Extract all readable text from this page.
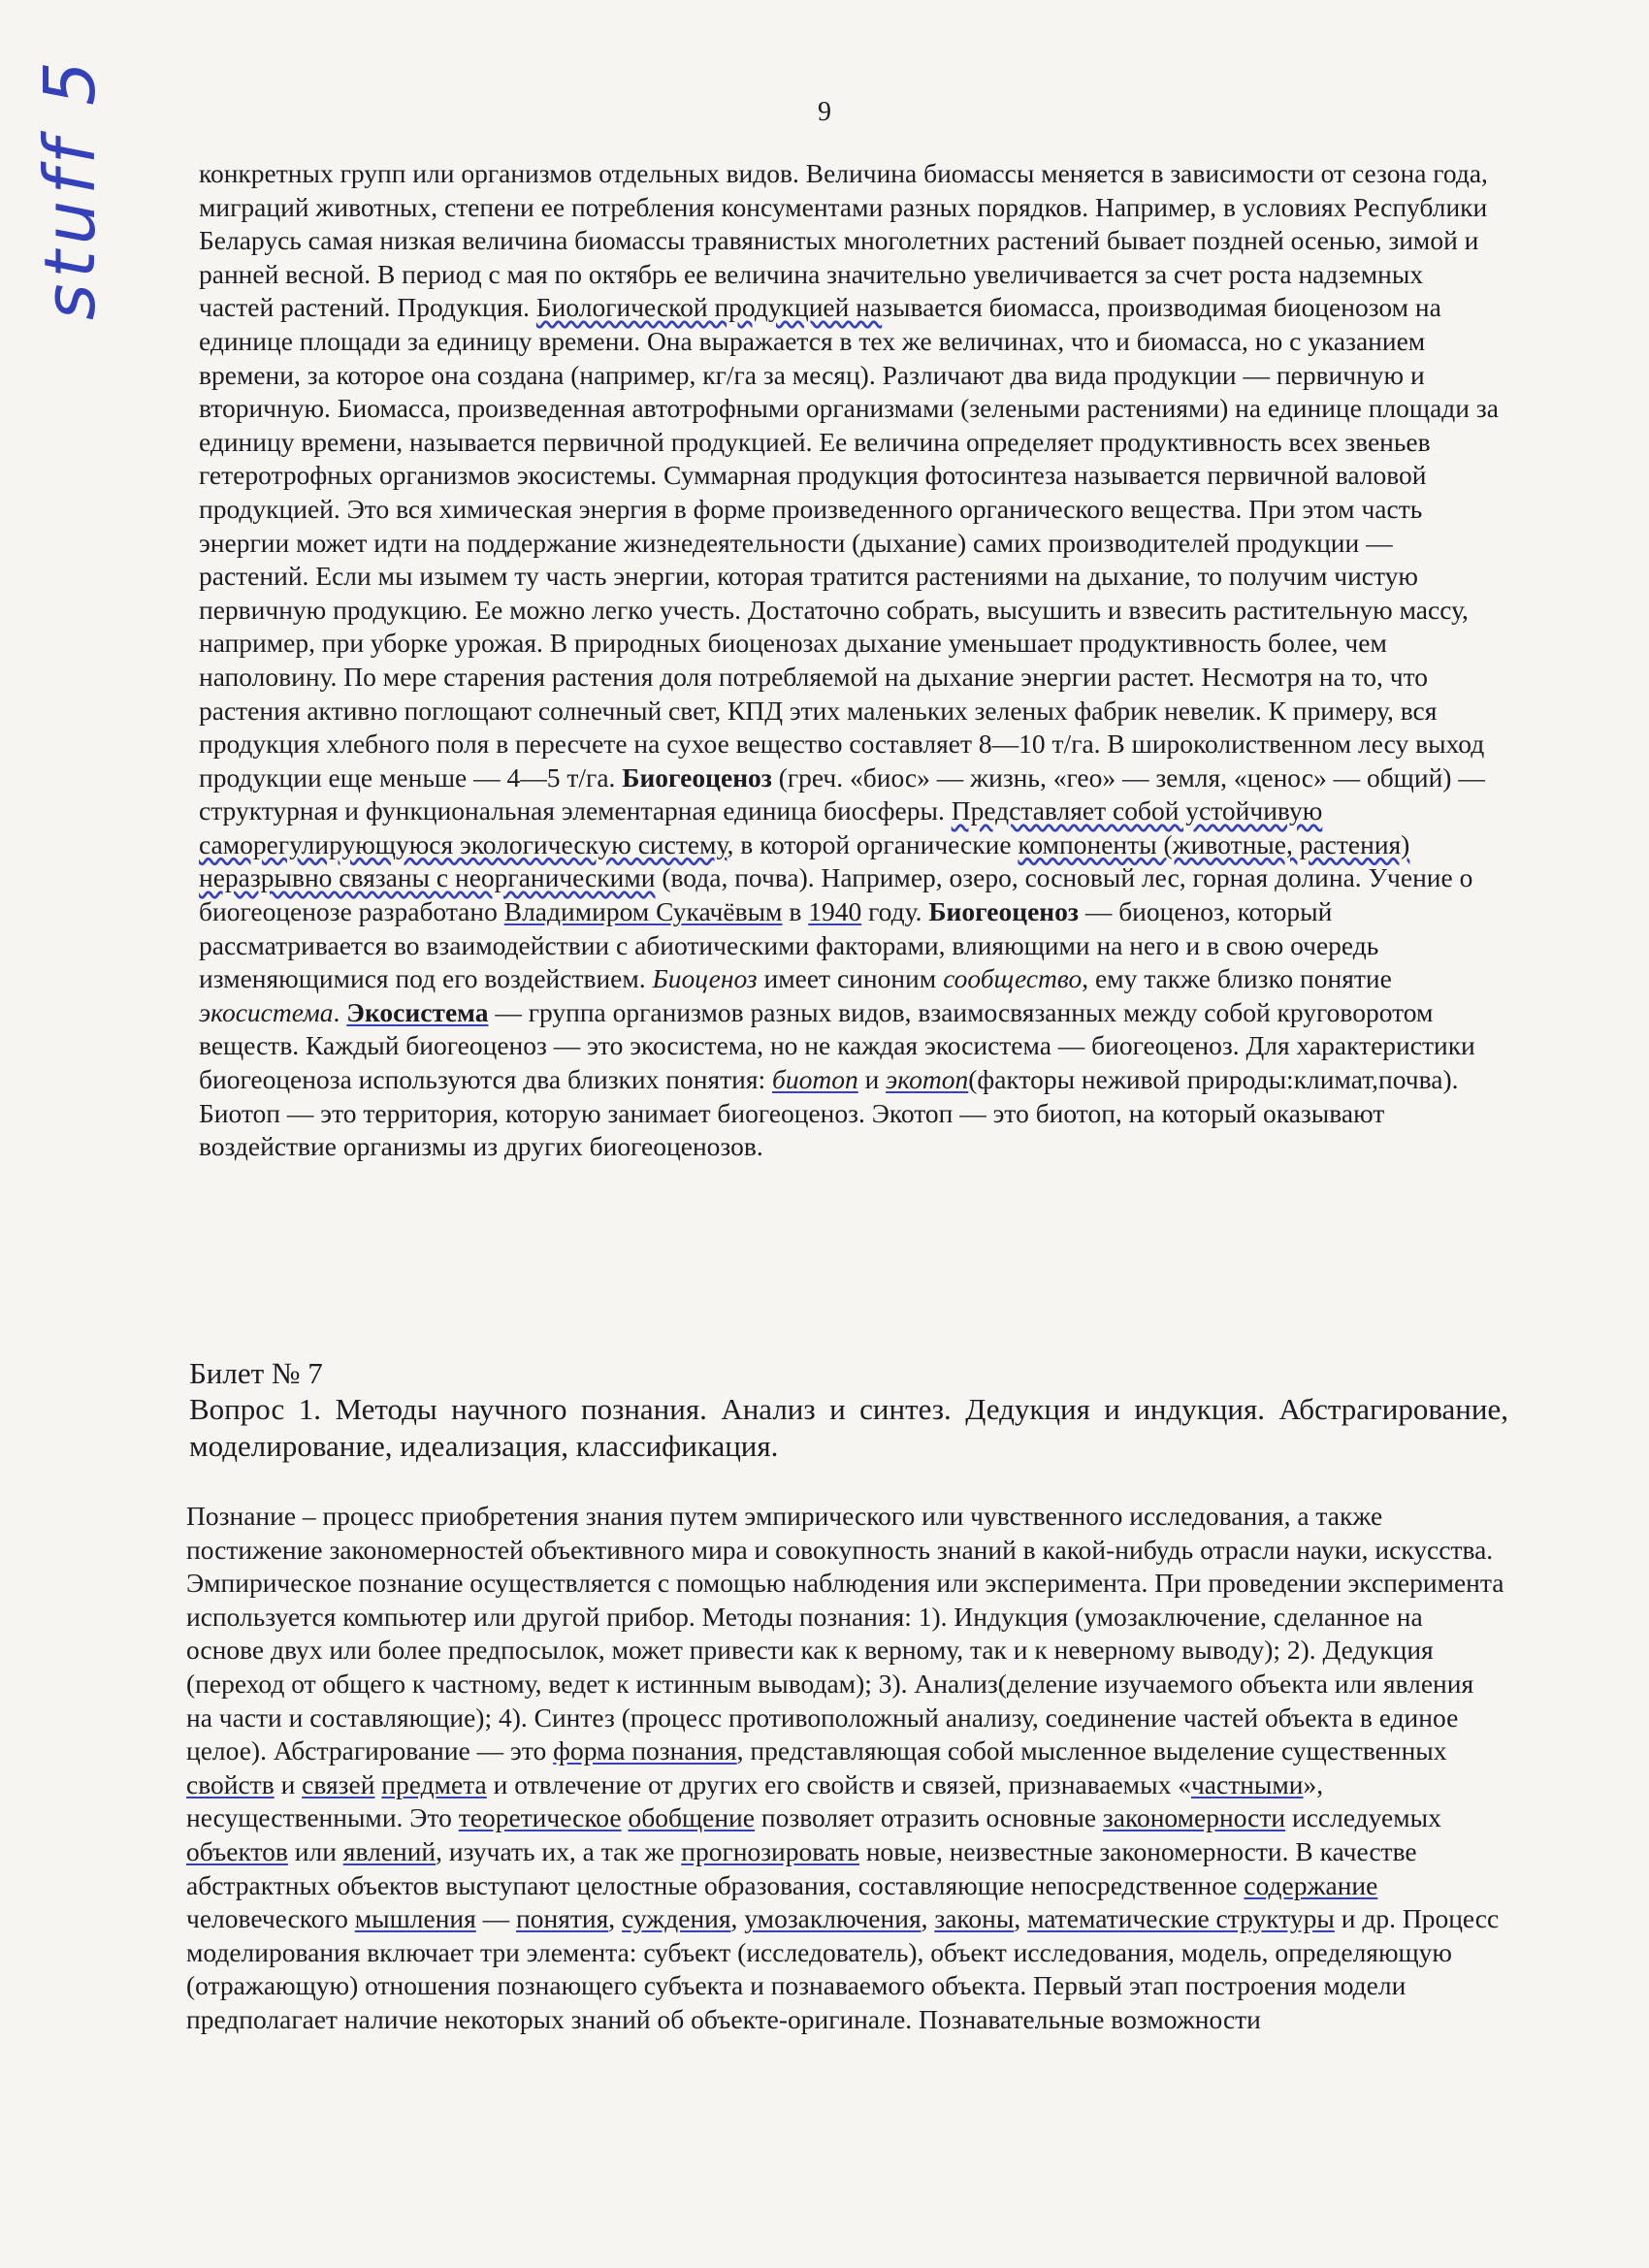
9
stuff 5	конкретных групп или организмов отдельных видов. Величина биомассы меняется в зависимости от сезона года, миграций животных, степени ее потребления консументами разных порядков. Например, в условиях Республики Беларусь самая низкая величина биомассы травянистых многолетних растений бывает поздней осенью, зимой и ранней весной. В период с мая по октябрь ее величина значительно увеличивается за счет роста надземных частей растений. Продукция. Биологической продукцией называется биомасса, производимая биоценозом на единице площади за единицу времени. Она выражается в тех же величинах, что и биомасса, но с указанием времени, за которое она создана (например, кг/га за месяц). Различают два вида продукции — первичную и вторичную. Биомасса, произведенная автотрофными организмами (зелеными растениями) на единице площади за единицу времени, называется первичной продукцией. Ее величина определяет продуктивность всех звеньев гетеротрофных организмов экосистемы. Суммарная продукция фотосинтеза называется первичной валовой продукцией. Это вся химическая энергия в форме произведенного органического вещества. При этом часть энергии может идти на поддержание жизнедеятельности (дыхание) самих производителей продукции — растений. Если мы изымем ту часть энергии, которая тратится растениями на дыхание, то получим чистую первичную продукцию. Ее можно легко учесть. Достаточно собрать, высушить и взвесить растительную массу, например, при уборке урожая. В природных биоценозах дыхание уменьшает продуктивность более, чем наполовину. По мере старения растения доля потребляемой на дыхание энергии растет. Несмотря на то, что растения активно поглощают солнечный свет, КПД этих маленьких зеленых фабрик невелик. К примеру, вся продукция хлебного поля в пересчете на сухое вещество составляет 8—10 т/га. В широколиственном лесу выход продукции еще меньше — 4—5 т/га. Биогеоценоз (греч. «биос» — жизнь, «гео» — земля, «ценос» — общий) — структурная и функциональная элементарная единица биосферы. Представляет собой устойчивую саморегулирующуюся экологическую систему, в которой органические компоненты (животные, растения) неразрывно связаны с неорганическими (вода, почва). Например, озеро, сосновый лес, горная долина. Учение о биогеоценозе разработано Владимиром Сукачёвым в 1940 году. Биогеоценоз — биоценоз, который рассматривается во взаимодействии с абиотическими факторами, влияющими на него и в свою очередь изменяющимися под его воздействием. Биоценоз имеет синоним сообщество, ему также близко понятие экосистема. Экосистема — группа организмов разных видов, взаимосвязанных между собой круговоротом веществ. Каждый биогеоценоз — это экосистема, но не каждая экосистема — биогеоценоз. Для характеристики биогеоценоза используются два близких понятия: биотоп и экотоп(факторы неживой природы:климат,почва). Биотоп — это территория, которую занимает биогеоценоз. Экотоп — это биотоп, на который оказывают воздействие организмы из других биогеоценозов.

Билет № 7

Вопрос 1. Методы научного познания. Анализ и синтез. Дедукция и индукция. Абстрагирование, моделирование, идеализация, классификация.

Познание – процесс приобретения знания путем эмпирического или чувственного исследования, а также постижение закономерностей объективного мира и совокупность знаний в какой-нибудь отрасли науки, искусства. Эмпирическое познание осуществляется с помощью наблюдения или эксперимента. При проведении эксперимента используется компьютер или другой прибор. Методы познания: 1). Индукция (умозаключение, сделанное на основе двух или более предпосылок, может привести как к верному, так и к неверному выводу); 2). Дедукция (переход от общего к частному, ведет к истинным выводам); 3). Анализ(деление изучаемого объекта или явления на части и составляющие); 4). Синтез (процесс противоположный анализу, соединение частей объекта в единое целое). Абстрагирование — это форма познания, представляющая собой мысленное выделение существенных свойств и связей предмета и отвлечение от других его свойств и связей, признаваемых «частными», несущественными. Это теоретическое обобщение позволяет отразить основные закономерности исследуемых объектов или явлений, изучать их, а так же прогнозировать новые, неизвестные закономерности. В качестве абстрактных объектов выступают целостные образования, составляющие непосредственное содержание человеческого мышления — понятия, суждения, умозаключения, законы, математические структуры и др. Процесс моделирования включает три элемента: субъект (исследователь), объект исследования, модель, определяющую (отражающую) отношения познающего субъекта и познаваемого объекта. Первый этап построения модели предполагает наличие некоторых знаний об объекте-оригинале. Познавательные возможности
